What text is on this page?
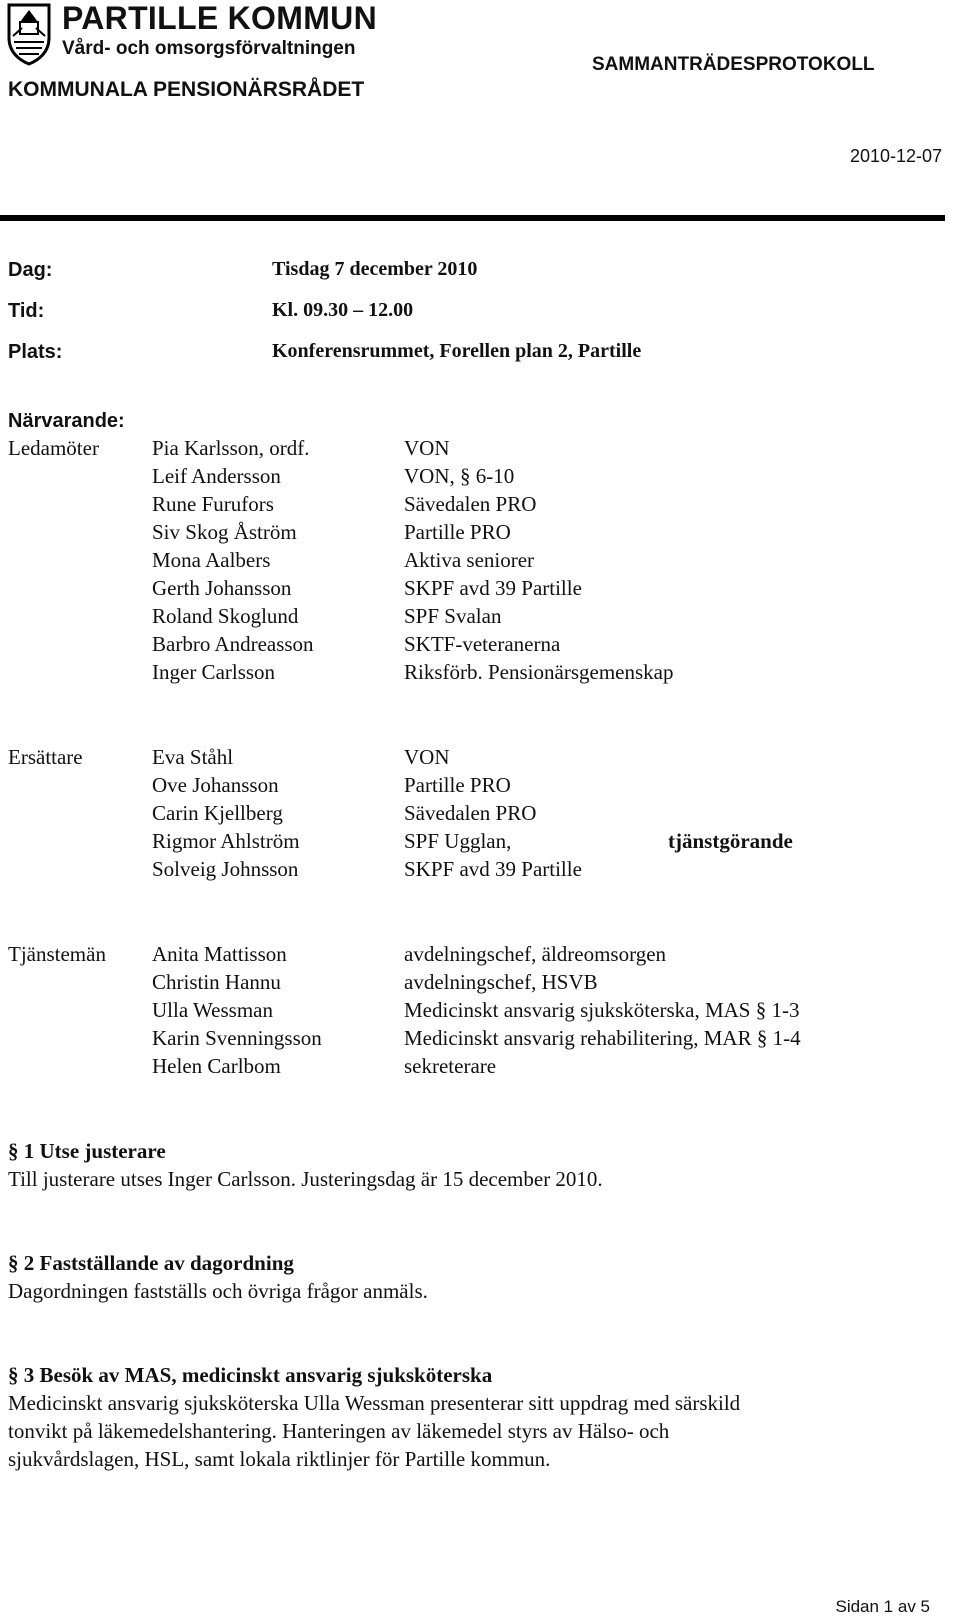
PARTILLE KOMMUN
Vård- och omsorgsförvaltningen
KOMMUNALA PENSIONÄRSRÅDET
SAMMANTRÄDESPROTOKOLL
2010-12-07
Dag:	Tisdag 7 december 2010
Tid:	Kl. 09.30 – 12.00
Plats:	Konferensrummet, Forellen plan 2, Partille
Närvarande:
Ledamöter	Pia Karlsson, ordf.	VON
Leif Andersson	VON, § 6-10
Rune Furufors	Sävedalen PRO
Siv Skog Åström	Partille PRO
Mona Aalbers	Aktiva seniorer
Gerth Johansson	SKPF avd 39 Partille
Roland Skoglund	SPF Svalan
Barbro Andreasson	SKTF-veteranerna
Inger Carlsson	Riksförb. Pensionärsgemenskap
Ersättare	Eva Ståhl	VON
Ove Johansson	Partille PRO
Carin Kjellberg	Sävedalen PRO
Rigmor Ahlström	SPF Ugglan,	tjänstgörande
Solveig Johnsson	SKPF avd 39 Partille
Tjänstemän Anita Mattisson	avdelningschef, äldreomsorgen
Christin Hannu	avdelningschef, HSVB
Ulla Wessman	Medicinskt ansvarig sjuksköterska, MAS § 1-3
Karin Svenningsson	Medicinskt ansvarig rehabilitering, MAR § 1-4
Helen Carlbom	sekreterare
§ 1 Utse justerare
Till justerare utses Inger Carlsson. Justeringsdag är 15 december 2010.
§ 2 Fastställande av dagordning
Dagordningen fastställs och övriga frågor anmäls.
§ 3 Besök av MAS, medicinskt ansvarig sjuksköterska
Medicinskt ansvarig sjuksköterska Ulla Wessman presenterar sitt uppdrag med särskild
tonvikt på läkemedelshantering. Hanteringen av läkemedel styrs av Hälso- och
sjukvårdslagen, HSL, samt lokala riktlinjer för Partille kommun.
Sidan 1 av 5
